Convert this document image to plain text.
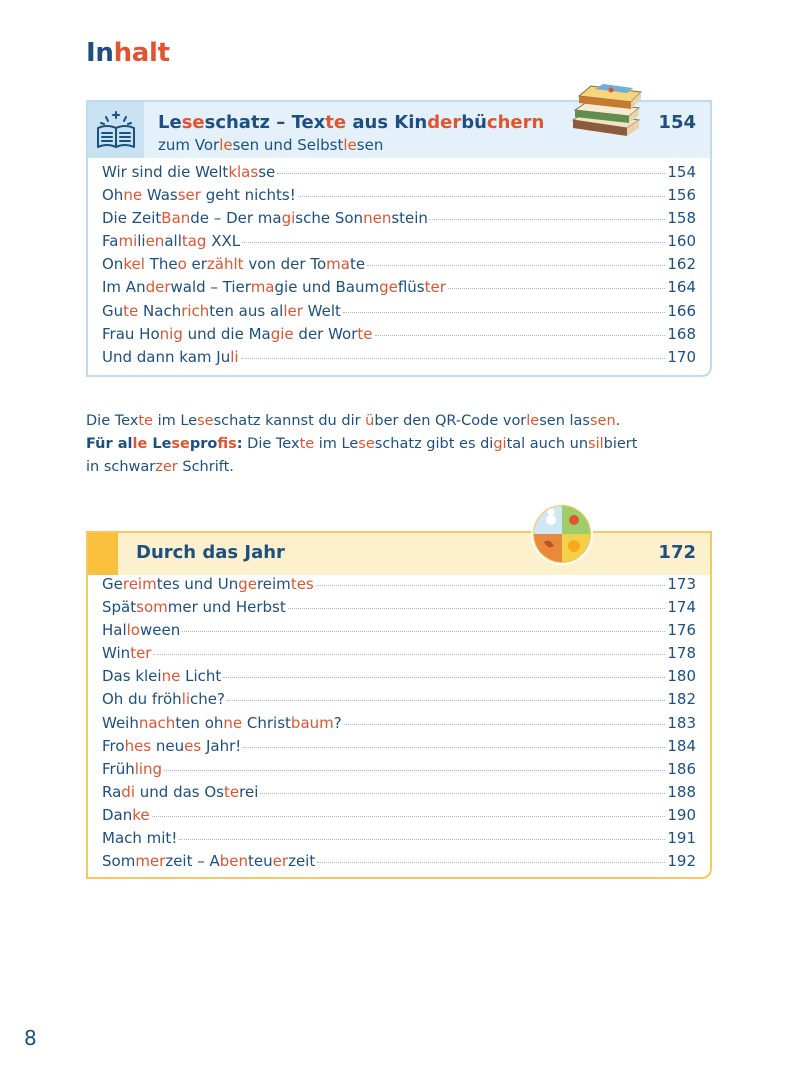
Inhalt
Leseschatz – Texte aus Kinderbüchern
zum Vorlesen und Selbstlesen
154
Wir sind die Weltklasse	154
Ohne Wasser geht nichts!	156
Die ZeitBande – Der magische Sonnenstein	158
Familienalltag XXL	160
Onkel Theo erzählt von der Tomate	162
Im Anderwald – Tiermagie und Baumgeflüster	164
Gute Nachrichten aus aller Welt	166
Frau Honig und die Magie der Worte	168
Und dann kam Juli	170
Die Texte im Leseschatz kannst du dir über den QR-Code vorlesen lassen.
Für alle Leseprofis: Die Texte im Leseschatz gibt es digital auch unsilbiert
in schwarzer Schrift.
Durch das Jahr	172
Gereimtes und Ungereimtes	173
Spätsommer und Herbst	174
Halloween	176
Winter	178
Das kleine Licht	180
Oh du fröhliche?	182
Weihnachten ohne Christbaum?	183
Frohes neues Jahr!	184
Frühling	186
Radi und das Osterei	188
Danke	190
Mach mit!	191
Sommerzeit – Abenteuerzeit	192
8
